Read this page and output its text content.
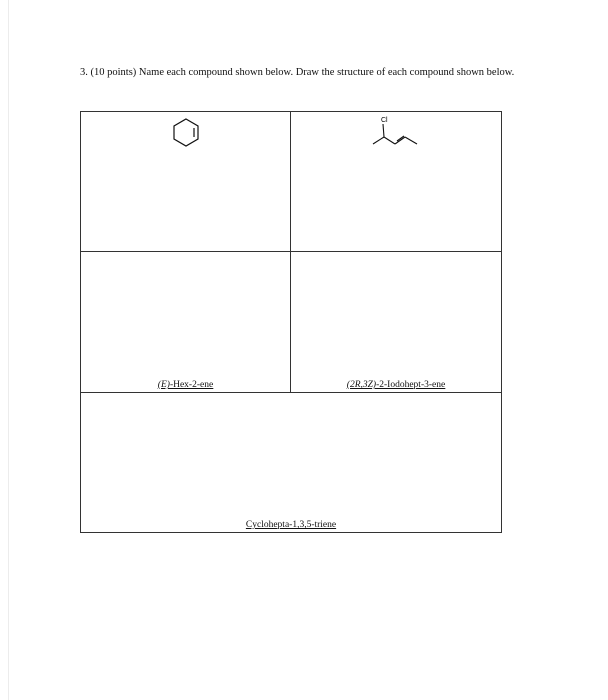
3. (10 points) Name each compound shown below. Draw the structure of each compound shown below.
Cl
(E)-Hex-2-ene	(2R,3Z)-2-Iodohept-3-ene
Cyclohepta-1,3,5-triene
